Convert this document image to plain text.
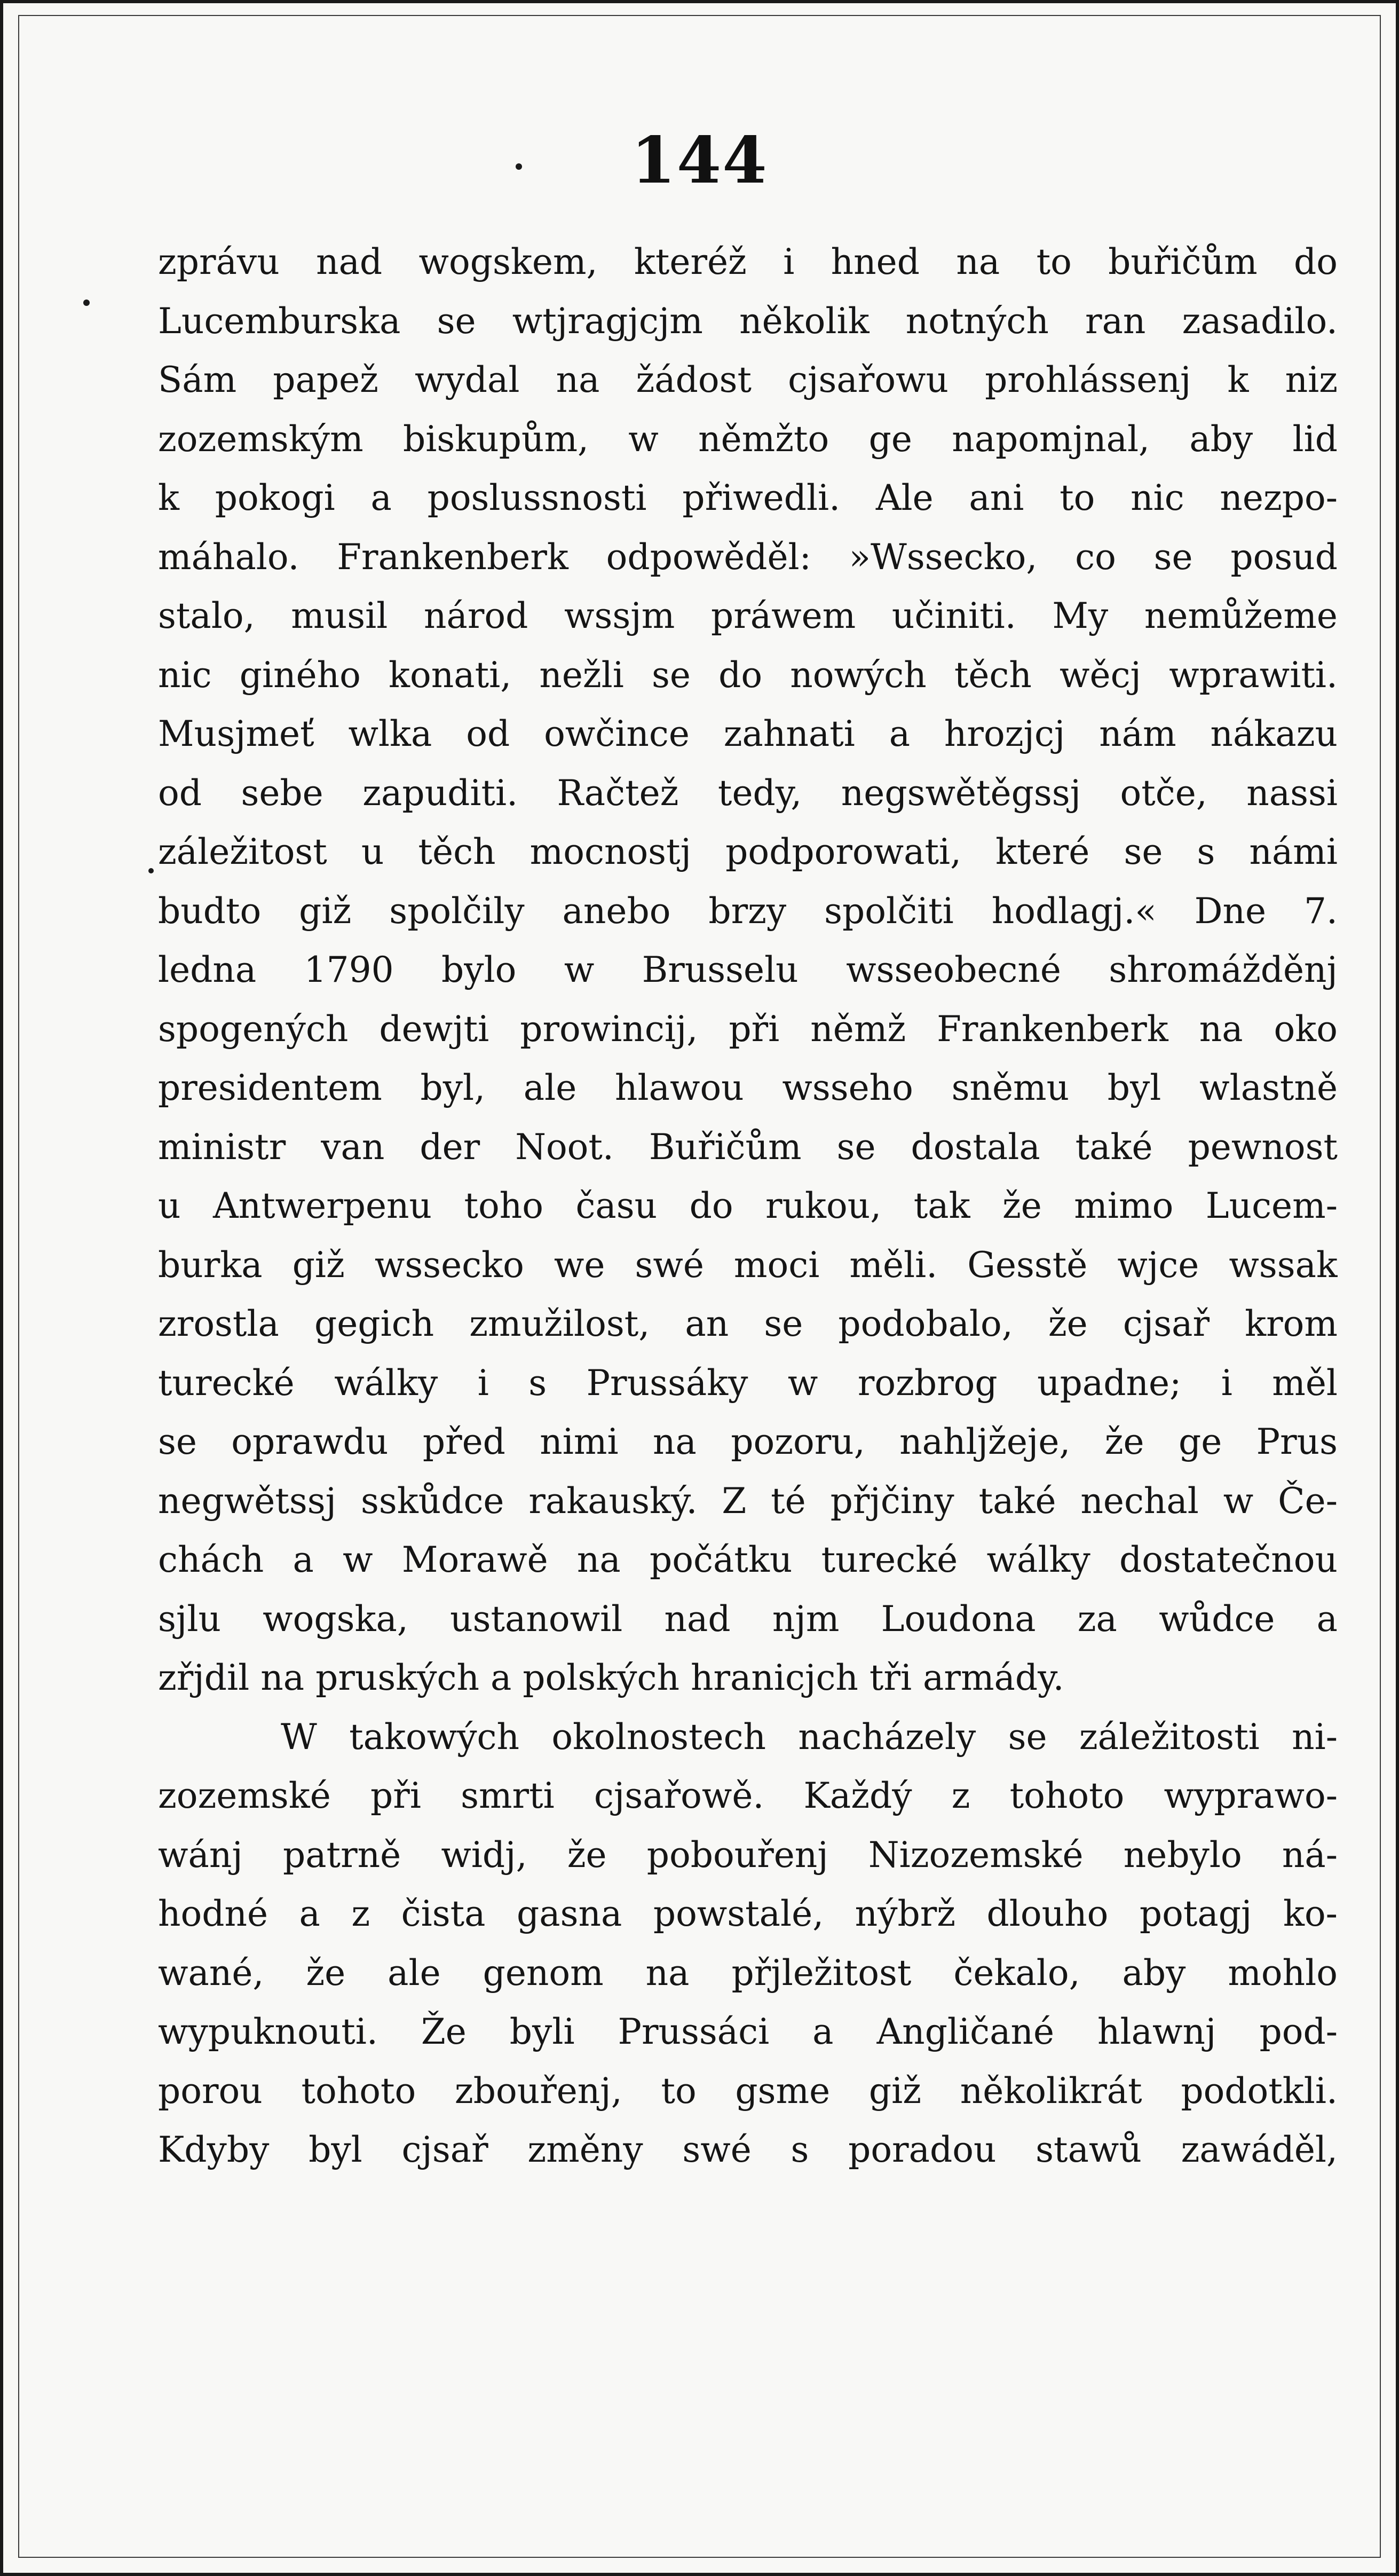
144
zprávu nad wogskem, kteréž i hned na to buřičům do
Lucemburska se wtjragjcjm několik notných ran zasadilo.
Sám papež wydal na žádost cjsařowu prohlássenj k niz
zozemským biskupům, w němžto ge napomjnal, aby lid
k pokogi a poslussnosti přiwedli. Ale ani to nic nezpo-
máhalo. Frankenberk odpowěděl: »Wssecko, co se posud
stalo, musil národ wssjm práwem učiniti. My nemůžeme
nic giného konati, nežli se do nowých těch wěcj wprawiti.
Musjmeť wlka od owčince zahnati a hrozjcj nám nákazu
od sebe zapuditi. Račtež tedy, negswětěgssj otče, nassi
záležitost u těch mocnostj podporowati, které se s námi
budto giž spolčily anebo brzy spolčiti hodlagj.« Dne 7.
ledna 1790 bylo w Brusselu wsseobecné shromážděnj
spogených dewjti prowincij, při němž Frankenberk na oko
presidentem byl, ale hlawou wsseho sněmu byl wlastně
ministr van der Noot. Buřičům se dostala také pewnost
u Antwerpenu toho času do rukou, tak že mimo Lucem-
burka giž wssecko we swé moci měli. Gesstě wjce wssak
zrostla gegich zmužilost, an se podobalo, že cjsař krom
turecké wálky i s Prussáky w rozbrog upadne; i měl
se oprawdu před nimi na pozoru, nahljžeje, že ge Prus
negwětssj sskůdce rakauský. Z té přjčiny také nechal w Če-
chách a w Morawě na počátku turecké wálky dostatečnou
sjlu wogska, ustanowil nad njm Loudona za wůdce a
zřjdil na pruských a polských hranicjch tři armády.
W takowých okolnostech nacházely se záležitosti ni-
zozemské při smrti cjsařowě. Každý z tohoto wyprawo-
wánj patrně widj, že pobouřenj Nizozemské nebylo ná-
hodné a z čista gasna powstalé, nýbrž dlouho potagj ko-
wané, že ale genom na přjležitost čekalo, aby mohlo
wypuknouti. Že byli Prussáci a Angličané hlawnj pod-
porou tohoto zbouřenj, to gsme giž několikrát podotkli.
Kdyby byl cjsař změny swé s poradou stawů zawáděl,
